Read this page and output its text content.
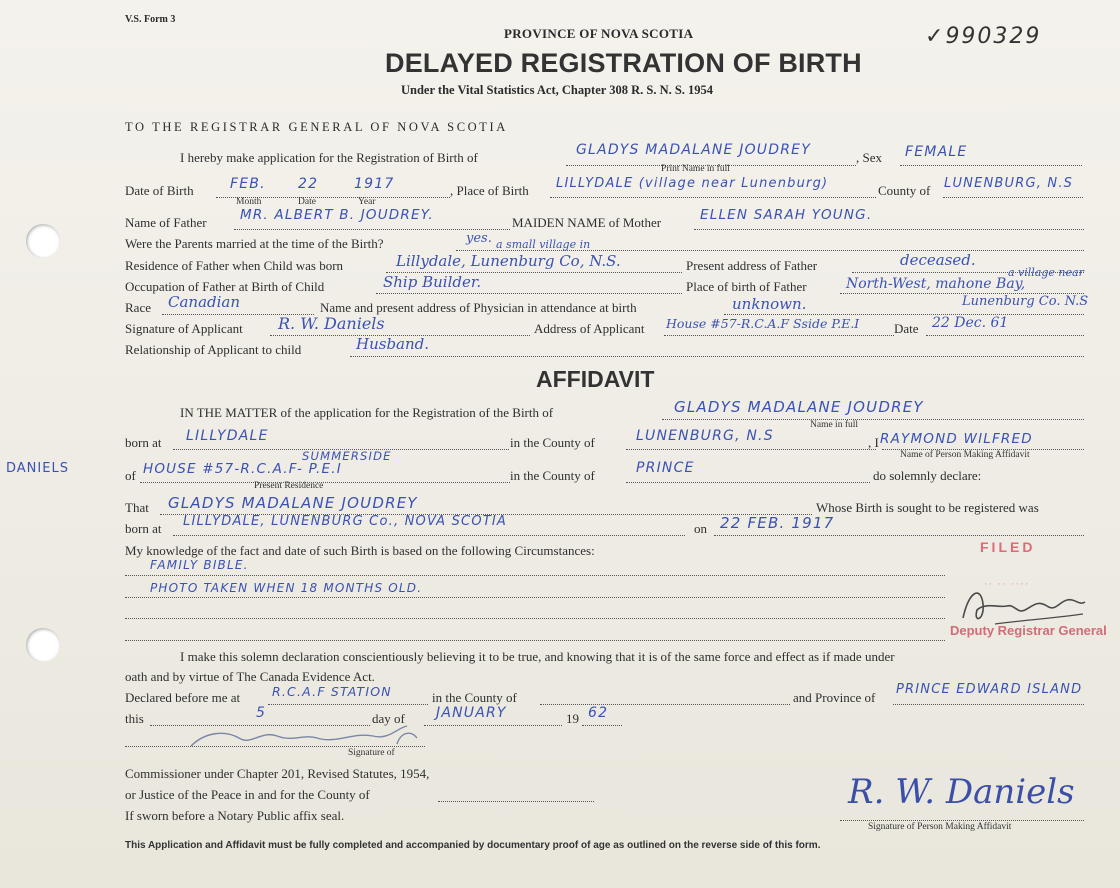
V.S. Form 3
PROVINCE OF NOVA SCOTIA	✓990329
DELAYED REGISTRATION OF BIRTH
Under the Vital Statistics Act, Chapter 308 R. S. N. S. 1954
TO THE REGISTRAR GENERAL OF NOVA SCOTIA
I hereby make application for the Registration of Birth of	GLADYS MADALANE JOUDREY	, Sex FEMALE
Print Name in full
Date of Birth	FEB. 22	1917
Month	Date	Year
, Place of Birth LILLYDALE (village near Lunenburg)	County of LUNENBURG, N.S
Name of Father MR. ALBERT B. JOUDREY.	MAIDEN NAME of Mother	ELLEN SARAH YOUNG.
Were the Parents married at the time of the Birth?	yes.
Residence of Father when Child was born
a small village in
Lillydale, Lunenburg Co, N.S.	Present address of Father	deceased.
Occupation of Father at Birth of Child	Ship Builder.	Place of birth of Father
a village near
North-West, mahone Bay,
Race Canadian	Name and present address of Physician in attendance at birth	unknown.	Lunenburg Co. N.S
Signature of Applicant R. W. Daniels	Address of Applicant House #57-R.C.A.F Sside P.E.I	Date 22 Dec. 61
Relationship of Applicant to child	Husband.
AFFIDAVIT
IN THE MATTER of the application for the Registration of the Birth of	GLADYS MADALANE JOUDREY
Name in full
born at LILLYDALE	in the County of	LUNENBURG, N.S	, I RAYMOND WILFRED
Name of Person Making Affidavit
DANIELS	of
SUMMERSIDE
HOUSE #57-R.C.A.F- P.E.I
Present Residence
in the County of	PRINCE	do solemnly declare:
That GLADYS MADALANE JOUDREY	Whose Birth is sought to be registered was
born at LILLYDALE, LUNENBURG Co., NOVA SCOTIA	on 22 FEB. 1917
My knowledge of the fact and date of such Birth is based on the following Circumstances:	FILED
FAMILY BIBLE.
PHOTO TAKEN WHEN 18 MONTHS OLD.	·· ·· ····
Deputy Registrar General
I make this solemn declaration conscientiously believing it to be true, and knowing that it is of the same force and effect as if made under
oath and by virtue of The Canada Evidence Act.
Declared before me at	R.C.A.F STATION	in the County of	and Province of
PRINCE EDWARD ISLAND
this	5	day of JANUARY	19 62
Signature of
Commissioner under Chapter 201, Revised Statutes, 1954,
or Justice of the Peace in and for the County of
If sworn before a Notary Public affix seal.
R. W. Daniels
Signature of Person Making Affidavit
This Application and Affidavit must be fully completed and accompanied by documentary proof of age as outlined on the reverse side of this form.
